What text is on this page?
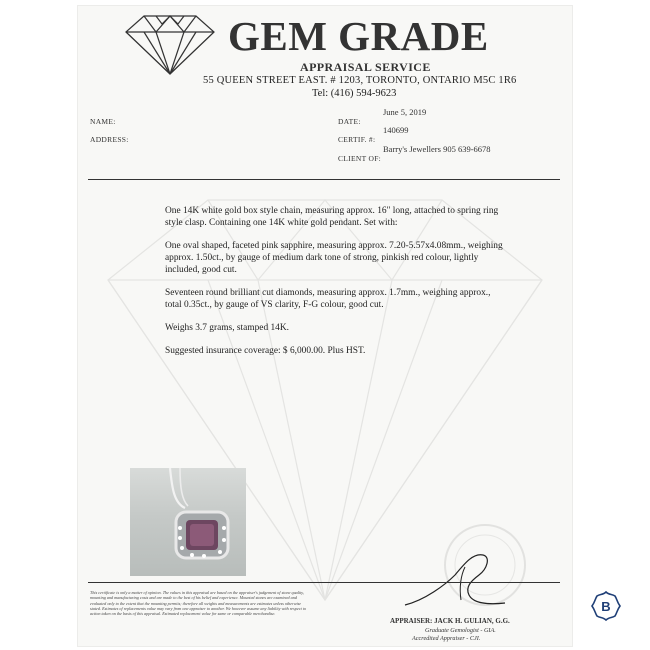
GEM GRADE
APPRAISAL SERVICE
55 QUEEN STREET EAST. # 1203, TORONTO, ONTARIO M5C 1R6
Tel: (416) 594-9623
June 5, 2019
NAME:	DATE:
140699
ADDRESS:	CERTIF. #:
Barry's Jewellers 905 639-6678
CLIENT OF:

One 14K white gold box style chain, measuring approx. 16" long, attached to spring ring style clasp. Containing one 14K white gold pendant. Set with:

One oval shaped, faceted pink sapphire, measuring approx. 7.20-5.57x4.08mm., weighing approx. 1.50ct., by gauge of medium dark tone of strong, pinkish red colour, lightly included, good cut.

Seventeen round brilliant cut diamonds, measuring approx. 1.7mm., weighing approx., total 0.35ct., by gauge of VS clarity, F-G colour, good cut.

Weighs 3.7 grams, stamped 14K.

Suggested insurance coverage: $ 6,000.00. Plus HST.

This certificate is only a matter of opinion. The values in this appraisal are based on the appraiser's judgement of stone quality, mounting and manufacturing costs and are made to the best of his belief and experience. Mounted stones are examined and evaluated only to the extent that the mounting permits; therefore all weights and measurements are estimates unless otherwise stated. Estimates of replacements value may vary from one appraiser to another. We however assume any liability with respect to action taken on the basis of this appraisal. Estimated replacement value for same or comparable merchandise.
APPRAISER: JACK H. GULIAN, G.G.
Graduate Gemologist - GIA.
Accredited Appraiser - CJI.
B
